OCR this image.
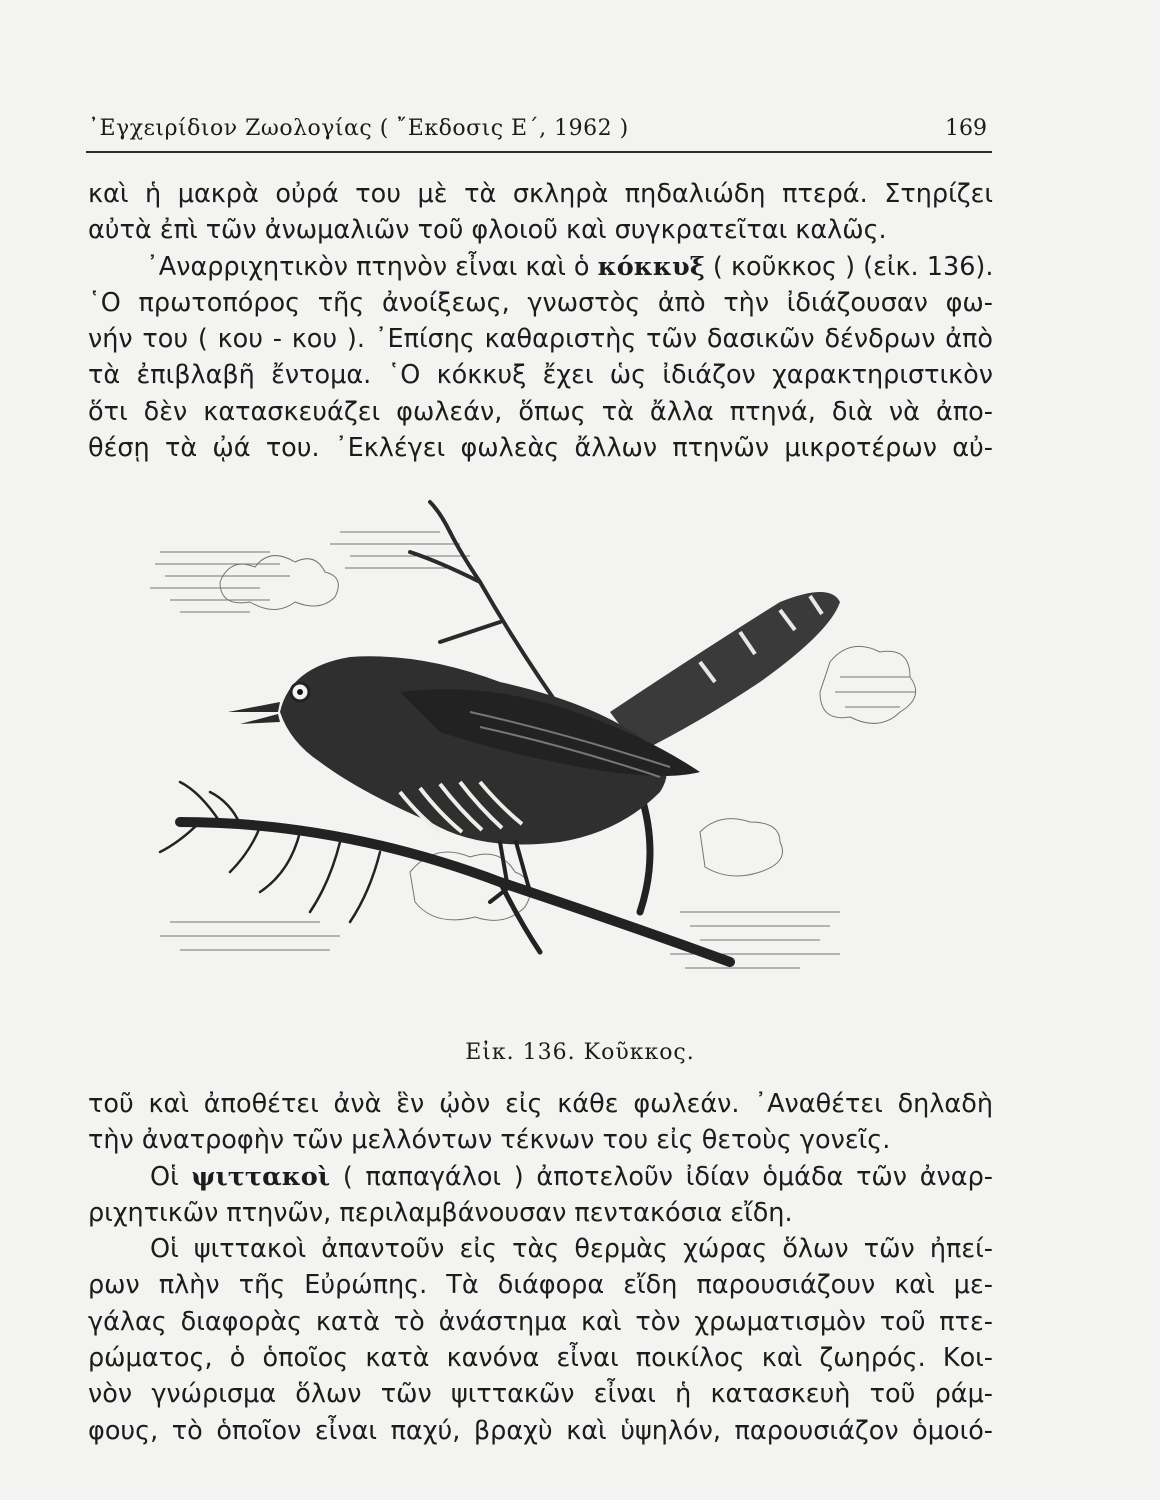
᾿Εγχειρίδιον Ζωολογίας ( ῎Εκδοσις Ε΄, 1962 )	169
καὶ ἡ μακρὰ οὐρά του μὲ τὰ σκληρὰ πηδαλιώδη πτερά. Στηρίζει
αὐτὰ ἐπὶ τῶν ἀνωμαλιῶν τοῦ φλοιοῦ καὶ συγκρατεῖται καλῶς.
᾿Αναρριχητικὸν πτηνὸν εἶναι καὶ ὁ κόκκυξ ( κοῦκκος ) (εἰκ. 136).
῾Ο πρωτοπόρος τῆς ἀνοίξεως, γνωστὸς ἀπὸ τὴν ἰδιάζουσαν φω-
νήν του ( κου - κου ). ᾿Επίσης καθαριστὴς τῶν δασικῶν δένδρων ἀπὸ
τὰ ἐπιβλαβῆ ἔντομα. ῾Ο κόκκυξ ἔχει ὡς ἰδιάζον χαρακτηριστικὸν
ὅτι δὲν κατασκευάζει φωλεάν, ὅπως τὰ ἄλλα πτηνά, διὰ νὰ ἀπο-
θέσῃ τὰ ᾠά του. ᾿Εκλέγει φωλεὰς ἄλλων πτηνῶν μικροτέρων αὐ-
Εἰκ. 136. Κοῦκκος.
τοῦ καὶ ἀποθέτει ἀνὰ ἓν ᾠὸν εἰς κάθε φωλεάν. ᾿Αναθέτει δηλαδὴ
τὴν ἀνατροφὴν τῶν μελλόντων τέκνων του εἰς θετοὺς γονεῖς.
Οἱ ψιττακοὶ ( παπαγάλοι ) ἀποτελοῦν ἰδίαν ὁμάδα τῶν ἀναρ-
ριχητικῶν πτηνῶν, περιλαμβάνουσαν πεντακόσια εἴδη.
Οἱ ψιττακοὶ ἀπαντοῦν εἰς τὰς θερμὰς χώρας ὅλων τῶν ἠπεί-
ρων πλὴν τῆς Εὐρώπης. Τὰ διάφορα εἴδη παρουσιάζουν καὶ με-
γάλας διαφορὰς κατὰ τὸ ἀνάστημα καὶ τὸν χρωματισμὸν τοῦ πτε-
ρώματος, ὁ ὁποῖος κατὰ κανόνα εἶναι ποικίλος καὶ ζωηρός. Κοι-
νὸν γνώρισμα ὅλων τῶν ψιττακῶν εἶναι ἡ κατασκευὴ τοῦ ράμ-
φους, τὸ ὁποῖον εἶναι παχύ, βραχὺ καὶ ὑψηλόν, παρουσιάζον ὁμοιό-
